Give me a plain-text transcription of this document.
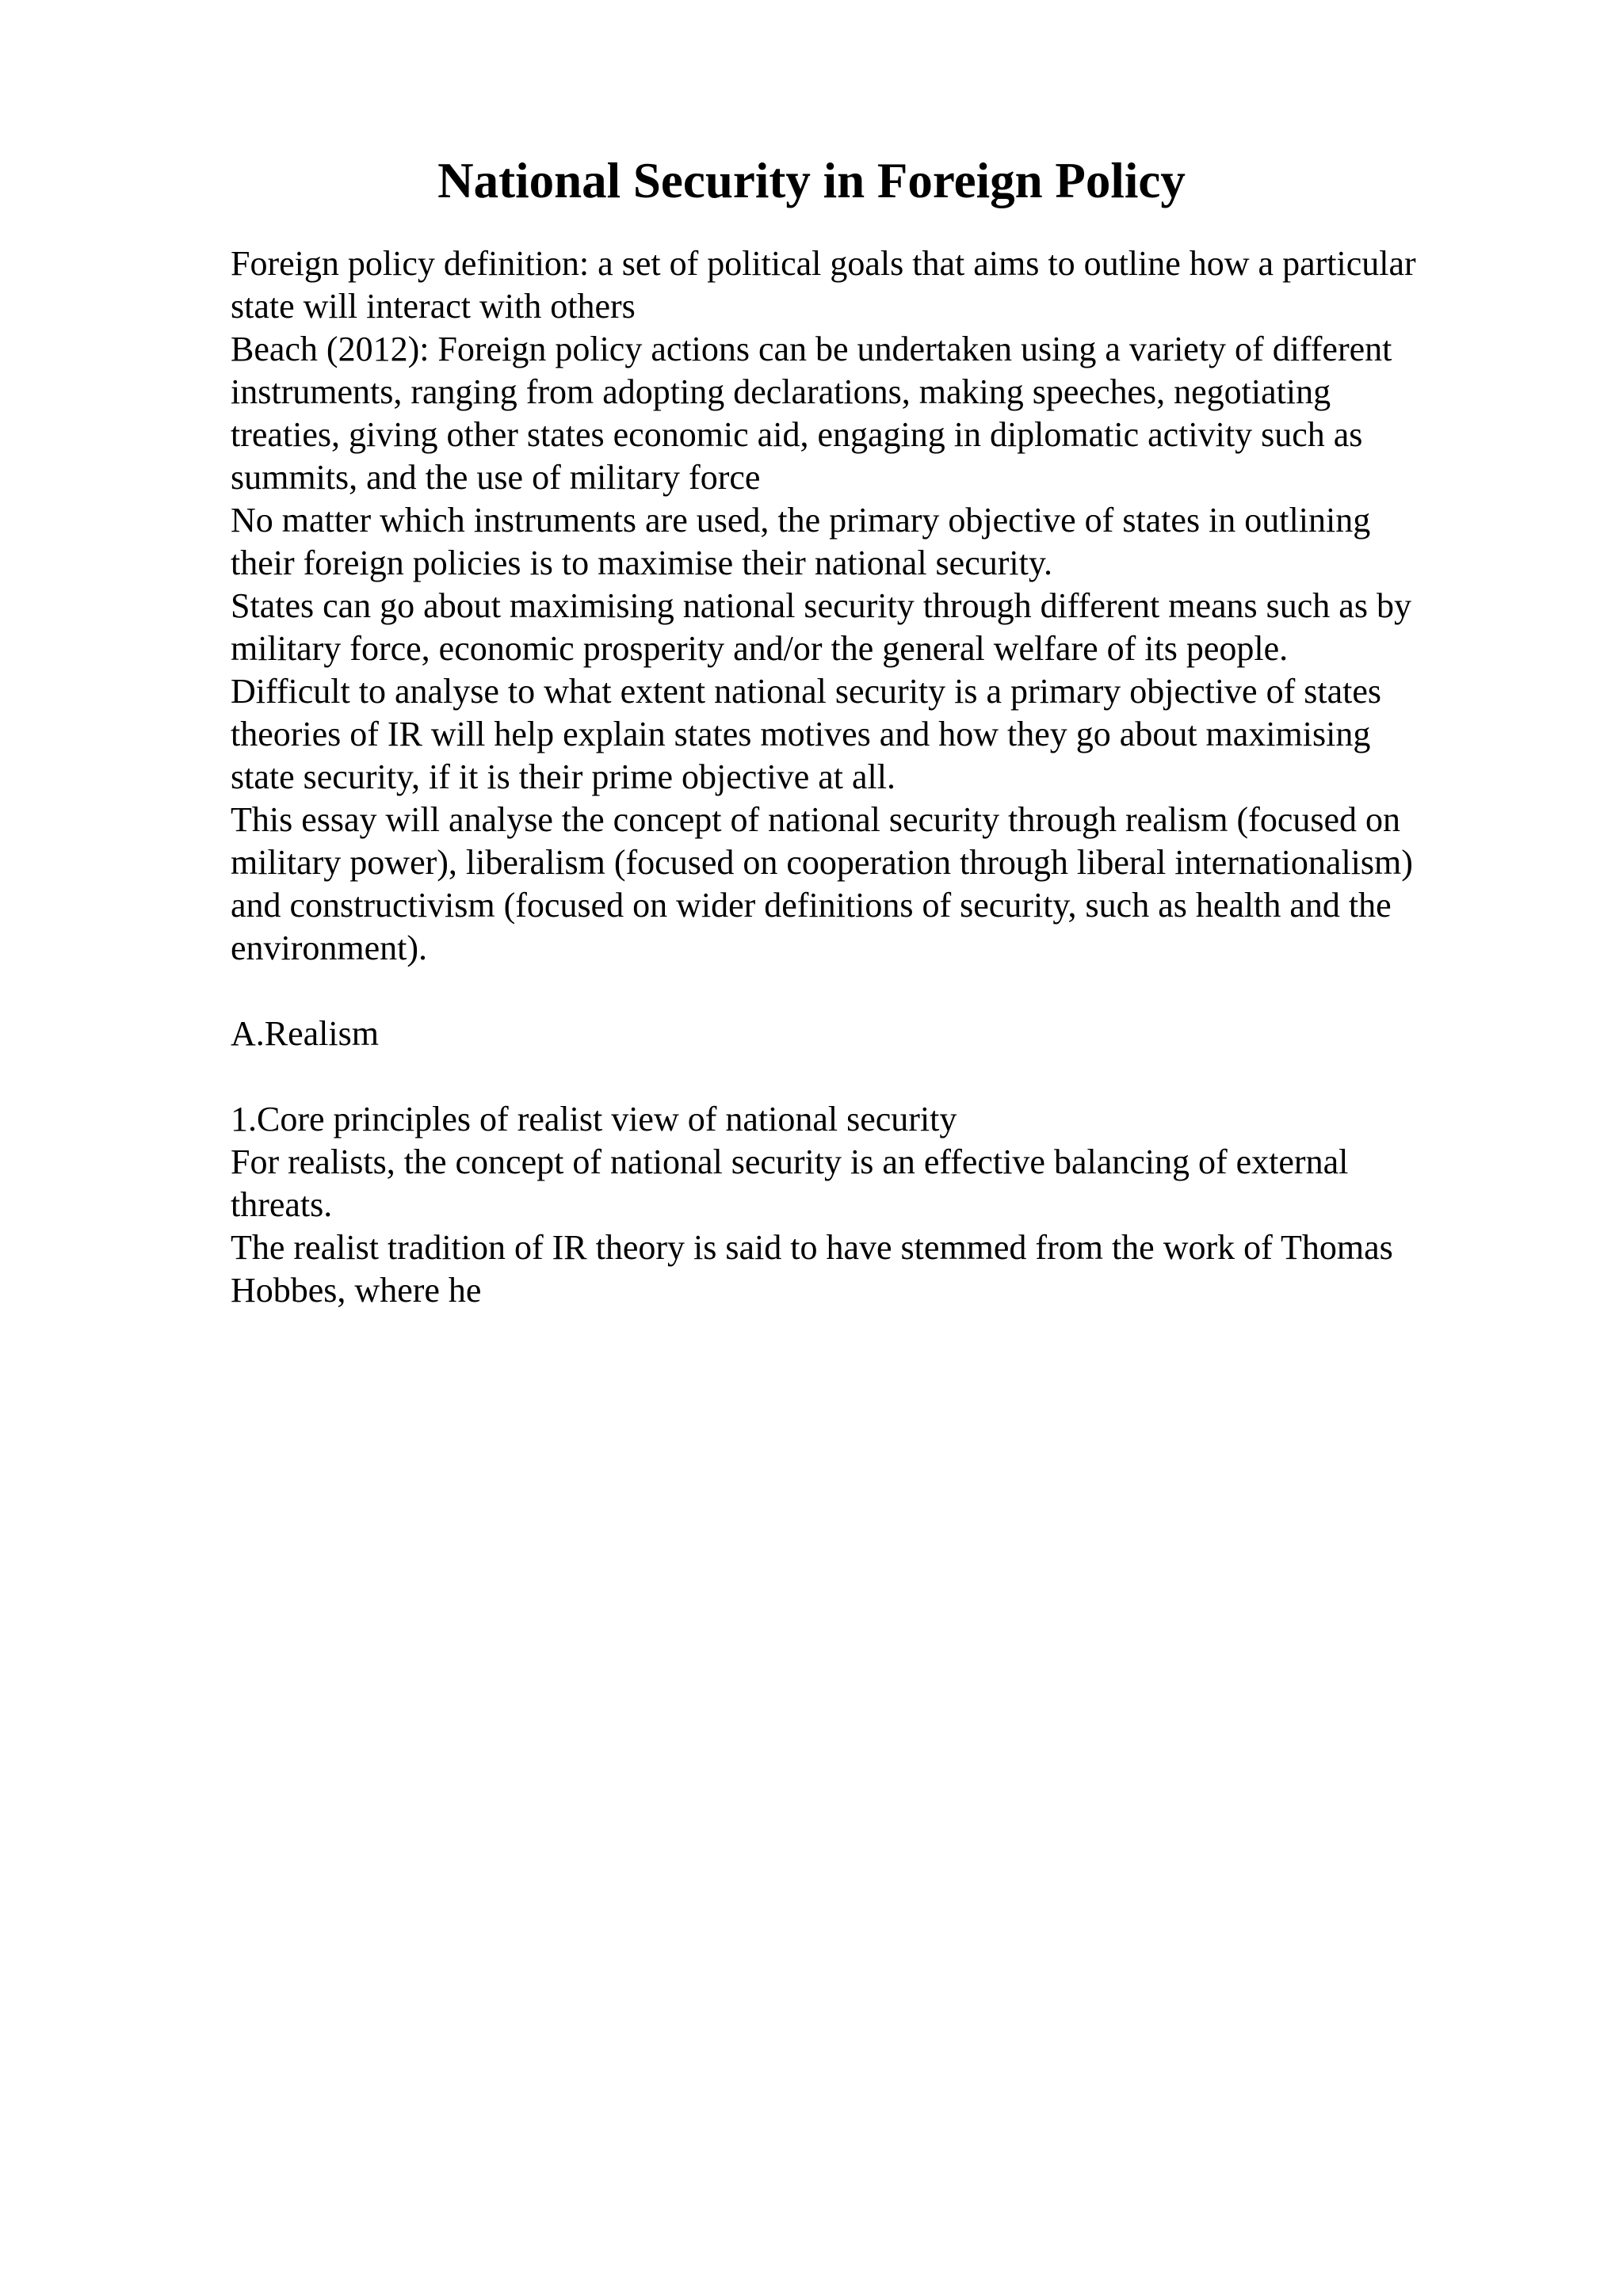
National Security in Foreign Policy
Foreign policy definition: a set of political goals that aims to outline how a particular
state will interact with others
Beach (2012): Foreign policy actions can be undertaken using a variety of different
instruments, ranging from adopting declarations, making speeches, negotiating
treaties, giving other states economic aid, engaging in diplomatic activity such as
summits, and the use of military force
No matter which instruments are used, the primary objective of states in outlining
their foreign policies is to maximise their national security.
States can go about maximising national security through different means such as by
military force, economic prosperity and/or the general welfare of its people.
Difficult to analyse to what extent national security is a primary objective of states
theories of IR will help explain states motives and how they go about maximising
state security, if it is their prime objective at all.
This essay will analyse the concept of national security through realism (focused on
military power), liberalism (focused on cooperation through liberal internationalism)
and constructivism (focused on wider definitions of security, such as health and the
environment).
A.Realism
1.Core principles of realist view of national security
For realists, the concept of national security is an effective balancing of external
threats.
The realist tradition of IR theory is said to have stemmed from the work of Thomas
Hobbes, where he
